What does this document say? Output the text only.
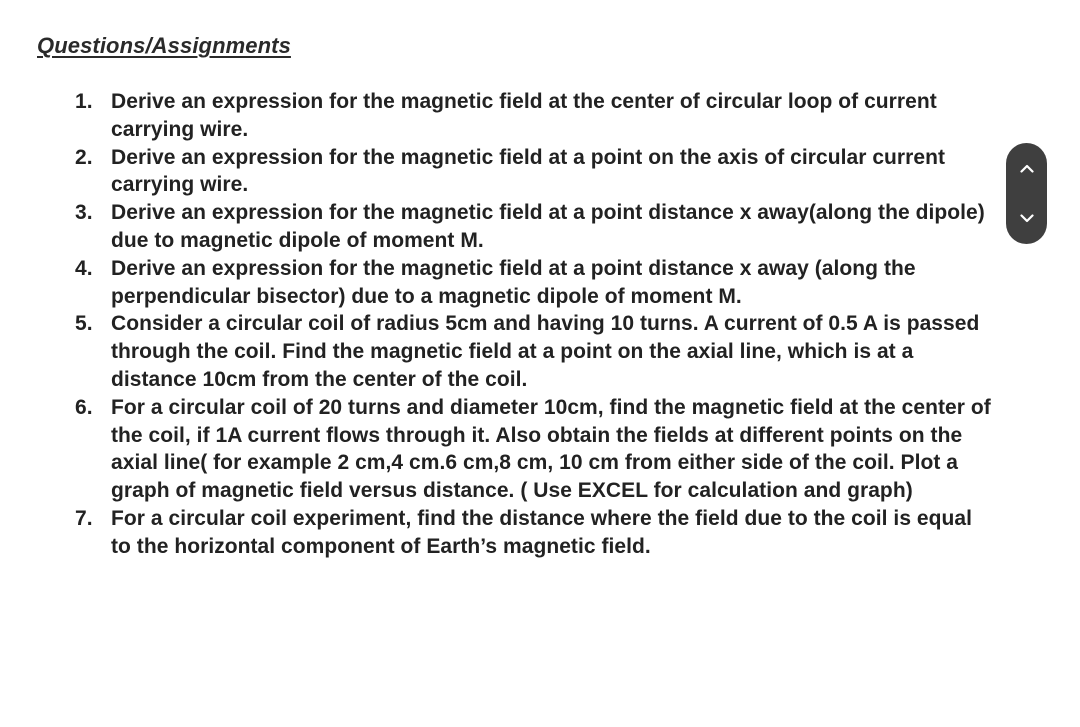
Questions/Assignments
1. Derive an expression for the magnetic field at the center of circular loop of current carrying wire.
2. Derive an expression for the magnetic field at a point on the axis of circular current carrying wire.
3. Derive an expression for the magnetic field at a point distance x away(along the dipole) due to magnetic dipole of moment M.
4. Derive an expression for the magnetic field at a point distance x away (along the perpendicular bisector) due to a magnetic dipole of moment M.
5. Consider a circular coil of radius 5cm and having 10 turns. A current of 0.5 A is passed through the coil. Find the magnetic field at a point on the axial line, which is at a distance 10cm from the center of the coil.
6. For a circular coil of 20 turns and diameter 10cm, find the magnetic field at the center of the coil, if 1A current flows through it. Also obtain the fields at different points on the axial line( for example 2 cm,4 cm.6 cm,8 cm, 10 cm from either side of the coil. Plot a graph of magnetic field versus distance. ( Use EXCEL for calculation and graph)
7. For a circular coil experiment, find the distance where the field due to the coil is equal to the horizontal component of Earth’s magnetic field.
